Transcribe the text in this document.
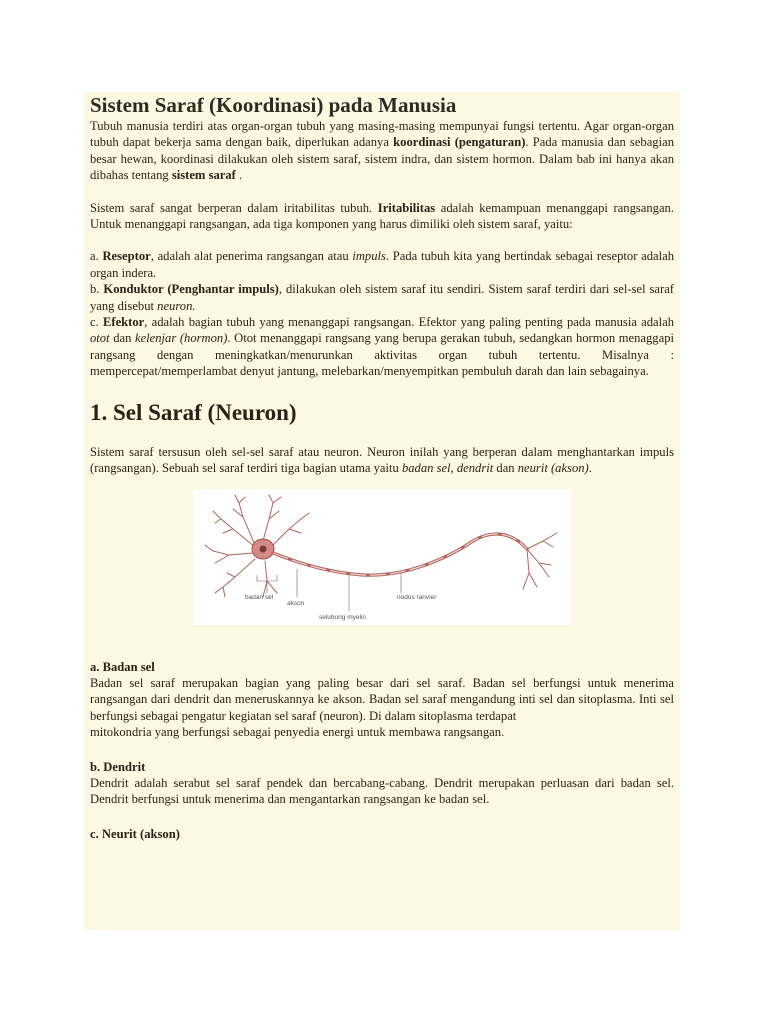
Sistem Saraf (Koordinasi) pada Manusia

Tubuh manusia terdiri atas organ-organ tubuh yang masing-masing mempunyai fungsi tertentu. Agar organ-organ tubuh dapat bekerja sama dengan baik, diperlukan adanya koordinasi (pengaturan). Pada manusia dan sebagian besar hewan, koordinasi dilakukan oleh sistem saraf, sistem indra, dan sistem hormon. Dalam bab ini hanya akan dibahas tentang sistem saraf .

Sistem saraf sangat berperan dalam iritabilitas tubuh. Iritabilitas adalah kemampuan menanggapi rangsangan. Untuk menanggapi rangsangan, ada tiga komponen yang harus dimiliki oleh sistem saraf, yaitu:

a. Reseptor, adalah alat penerima rangsangan atau impuls. Pada tubuh kita yang bertindak sebagai reseptor adalah organ indera.

b. Konduktor (Penghantar impuls), dilakukan oleh sistem saraf itu sendiri. Sistem saraf terdiri dari sel-sel saraf yang disebut neuron.

c. Efektor, adalah bagian tubuh yang menanggapi rangsangan. Efektor yang paling penting pada manusia adalah otot dan kelenjar (hormon). Otot menanggapi rangsang yang berupa gerakan tubuh, sedangkan hormon menaggapi rangsang dengan meningkatkan/menurunkan aktivitas organ tubuh tertentu. Misalnya : mempercepat/memperlambat denyut jantung, melebarkan/menyempitkan pembuluh darah dan lain sebagainya.

1. Sel Saraf (Neuron)

Sistem saraf tersusun oleh sel-sel saraf atau neuron. Neuron inilah yang berperan dalam menghantarkan impuls (rangsangan). Sebuah sel saraf terdiri tiga bagian utama yaitu badan sel, dendrit dan neurit (akson).

badan sel
akson
nodus ranvier
selubung myelin
a. Badan sel

Badan sel saraf merupakan bagian yang paling besar dari sel saraf. Badan sel berfungsi untuk menerima rangsangan dari dendrit dan meneruskannya ke akson. Badan sel saraf mengandung inti sel dan sitoplasma. Inti sel berfungsi sebagai pengatur kegiatan sel saraf (neuron). Di dalam sitoplasma terdapat

mitokondria yang berfungsi sebagai penyedia energi untuk membawa rangsangan.

b. Dendrit

Dendrit adalah serabut sel saraf pendek dan bercabang-cabang. Dendrit merupakan perluasan dari badan sel. Dendrit berfungsi untuk menerima dan mengantarkan rangsangan ke badan sel.

c. Neurit (akson)
